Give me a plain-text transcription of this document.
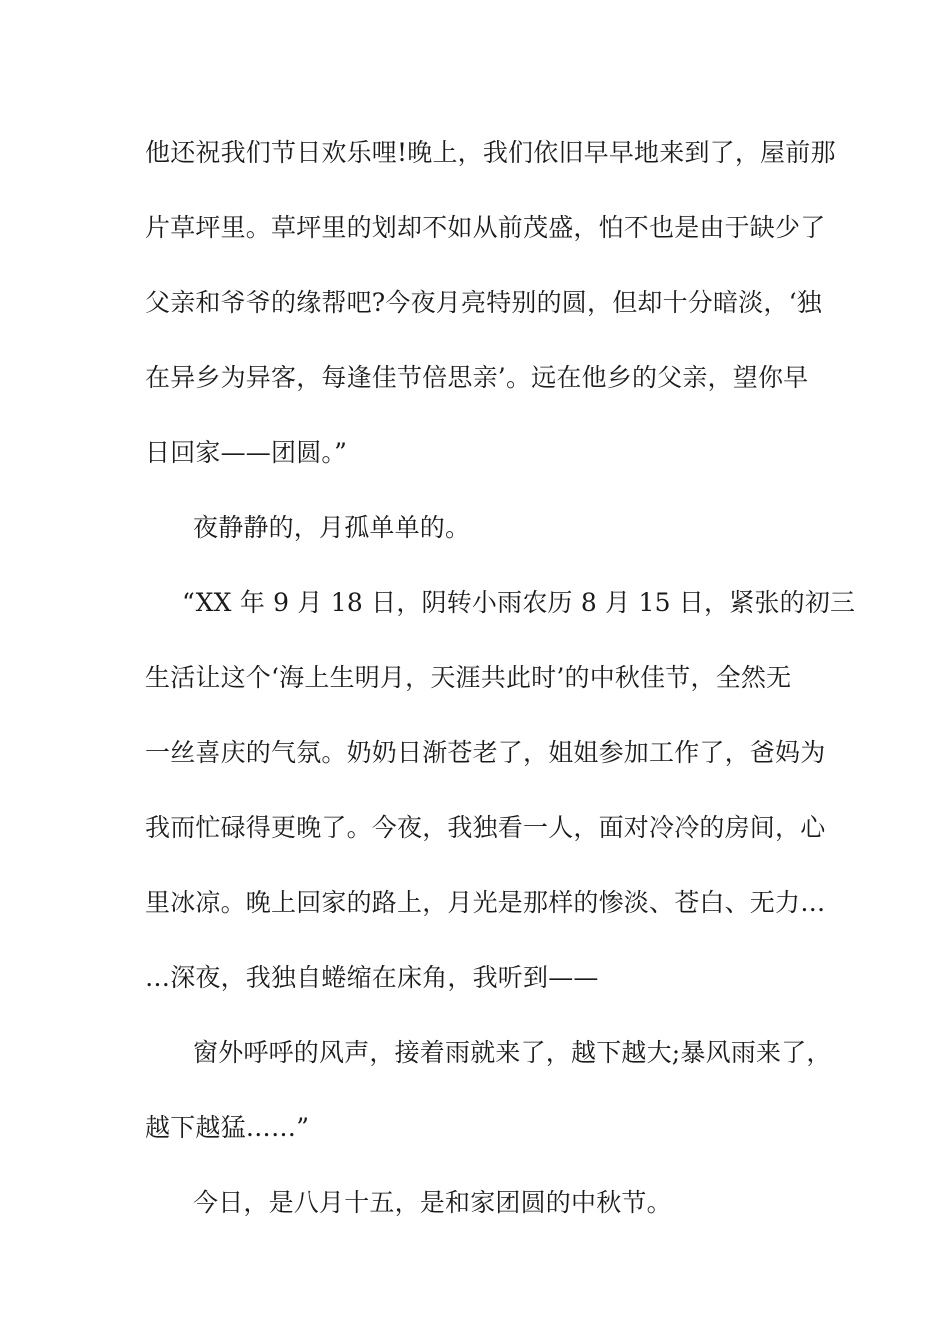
他还祝我们节日欢乐哩!晚上，我们依旧早早地来到了，屋前那
片草坪里。草坪里的划却不如从前茂盛，怕不也是由于缺少了
父亲和爷爷的缘帮吧?今夜月亮特别的圆，但却十分暗淡，‘独
在异乡为异客，每逢佳节倍思亲’。远在他乡的父亲，望你早
日回家——团圆。”
夜静静的，月孤单单的。
“XX 年 9 月 18 日，阴转小雨农历 8 月 15 日，紧张的初三
生活让这个‘海上生明月，天涯共此时’的中秋佳节，全然无
一丝喜庆的气氛。奶奶日渐苍老了，姐姐参加工作了，爸妈为
我而忙碌得更晚了。今夜，我独看一人，面对冷冷的房间，心
里冰凉。晚上回家的路上，月光是那样的惨淡、苍白、无力…
…深夜，我独自蜷缩在床角，我听到——
窗外呼呼的风声，接着雨就来了，越下越大;暴风雨来了，
越下越猛……”
今日，是八月十五，是和家团圆的中秋节。
